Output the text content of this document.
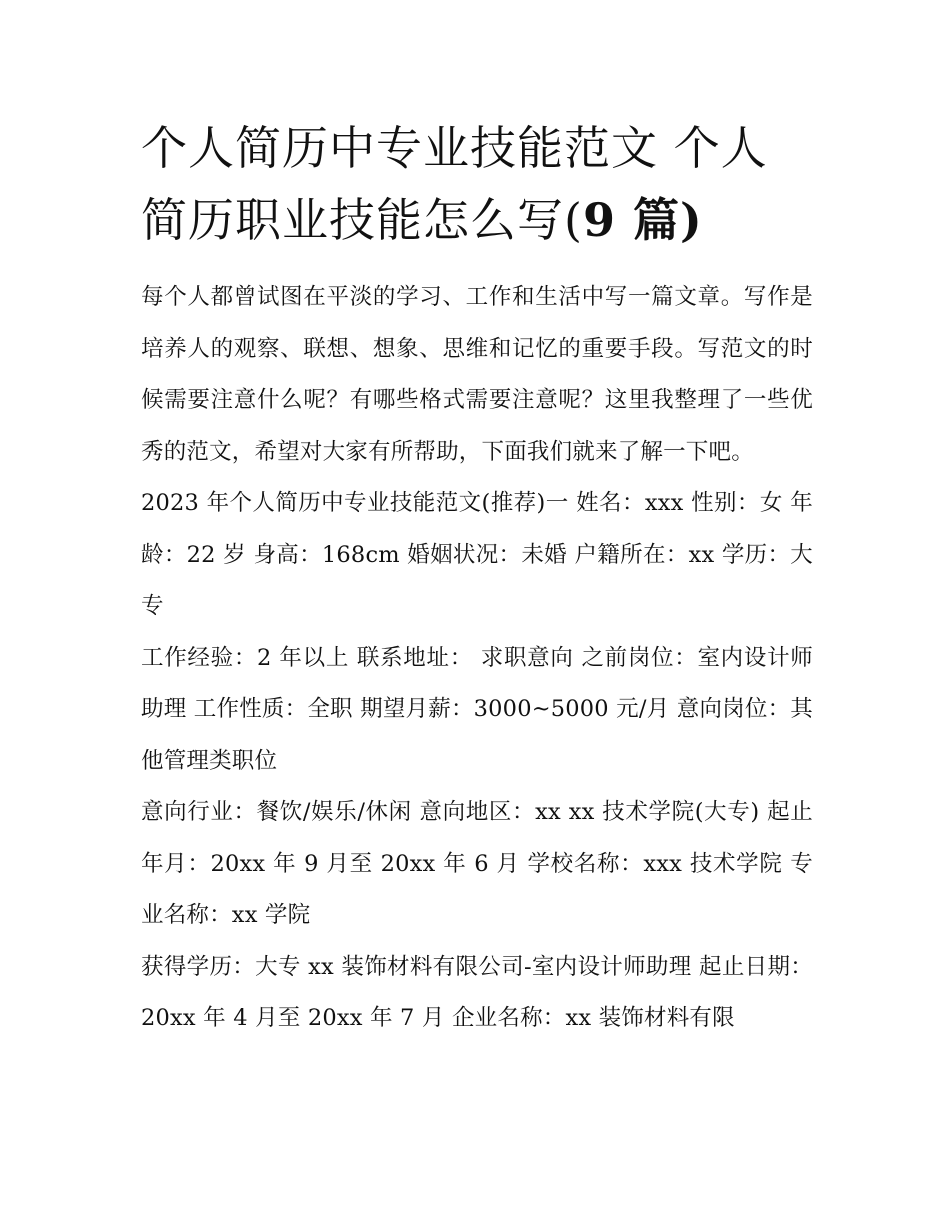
个人简历中专业技能范文 个人简历职业技能怎么写(9 篇)

每个人都曾试图在平淡的学习、工作和生活中写一篇文章。写作是培养人的观察、联想、想象、思维和记忆的重要手段。写范文的时候需要注意什么呢？有哪些格式需要注意呢？这里我整理了一些优秀的范文，希望对大家有所帮助，下面我们就来了解一下吧。

2023 年个人简历中专业技能范文(推荐)一 姓名：xxx 性别：女 年龄：22 岁 身高：168cm 婚姻状况：未婚 户籍所在：xx 学历：大专

工作经验：2 年以上 联系地址： 求职意向 之前岗位：室内设计师助理 工作性质：全职 期望月薪：3000~5000 元/月 意向岗位：其他管理类职位

意向行业：餐饮/娱乐/休闲 意向地区：xx xx 技术学院(大专) 起止年月：20xx 年 9 月至 20xx 年 6 月 学校名称：xxx 技术学院 专业名称：xx 学院

获得学历：大专 xx 装饰材料有限公司-室内设计师助理 起止日期：20xx 年 4 月至 20xx 年 7 月 企业名称：xx 装饰材料有限
